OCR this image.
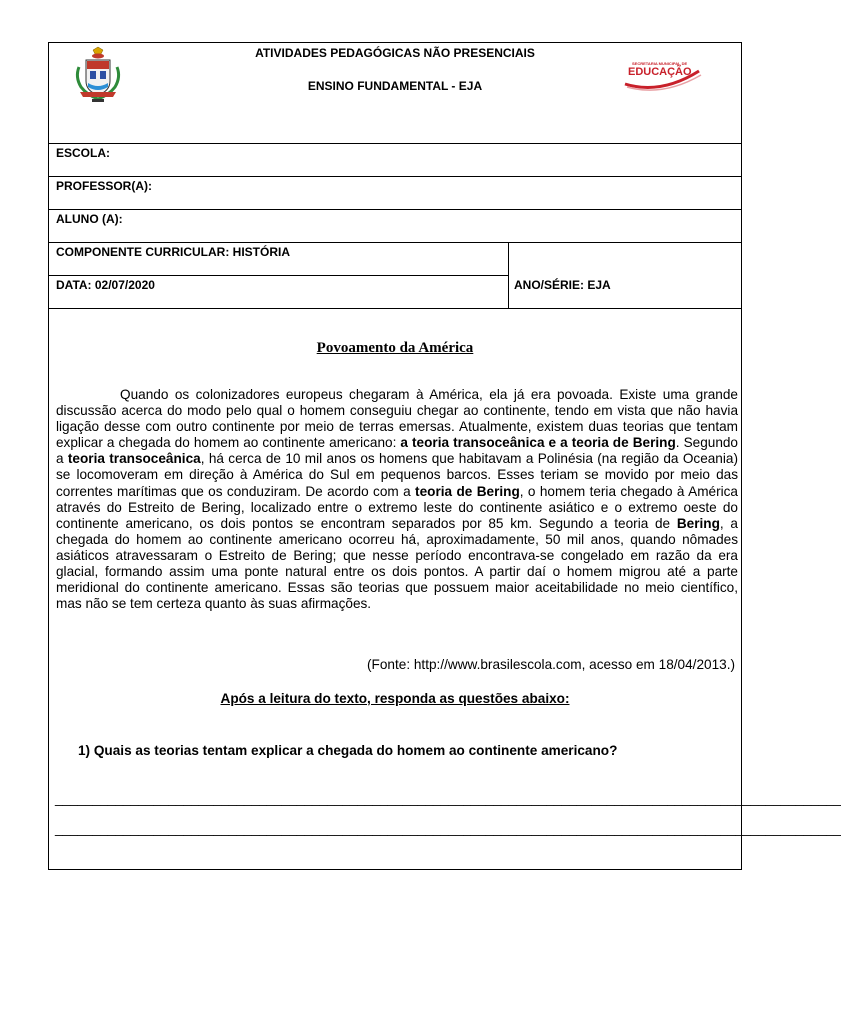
ATIVIDADES PEDAGÓGICAS NÃO PRESENCIAIS
ENSINO FUNDAMENTAL - EJA
SECRETARIA MUNICIPAL DE
EDUCAÇÃO
ESCOLA:
PROFESSOR(A):
ALUNO (A):
COMPONENTE CURRICULAR: HISTÓRIA
DATA: 02/07/2020	ANO/SÉRIE: EJA
Povoamento da América
Quando os colonizadores europeus chegaram à América, ela já era povoada. Existe uma grande discussão acerca do modo pelo qual o homem conseguiu chegar ao continente, tendo em vista que não havia ligação desse com outro continente por meio de terras emersas. Atualmente, existem duas teorias que tentam explicar a chegada do homem ao continente americano: a teoria transoceânica e a teoria de Bering. Segundo a teoria transoceânica, há cerca de 10 mil anos os homens que habitavam a Polinésia (na região da Oceania) se locomoveram em direção à América do Sul em pequenos barcos. Esses teriam se movido por meio das correntes marítimas que os conduziram. De acordo com a teoria de Bering, o homem teria chegado à América através do Estreito de Bering, localizado entre o extremo leste do continente asiático e o extremo oeste do continente americano, os dois pontos se encontram separados por 85 km. Segundo a teoria de Bering, a chegada do homem ao continente americano ocorreu há, aproximadamente, 50 mil anos, quando nômades asiáticos atravessaram o Estreito de Bering; que nesse período encontrava-se congelado em razão da era glacial, formando assim uma ponte natural entre os dois pontos. A partir daí o homem migrou até a parte meridional do continente americano. Essas são teorias que possuem maior aceitabilidade no meio científico, mas não se tem certeza quanto às suas afirmações.
(Fonte: http://www.brasilescola.com, acesso em 18/04/2013.)
Após a leitura do texto, responda as questões abaixo:
1) Quais as teorias tentam explicar a chegada do homem ao continente americano?
________________________________________________________________________________________________________
________________________________________________________________________________________________________
